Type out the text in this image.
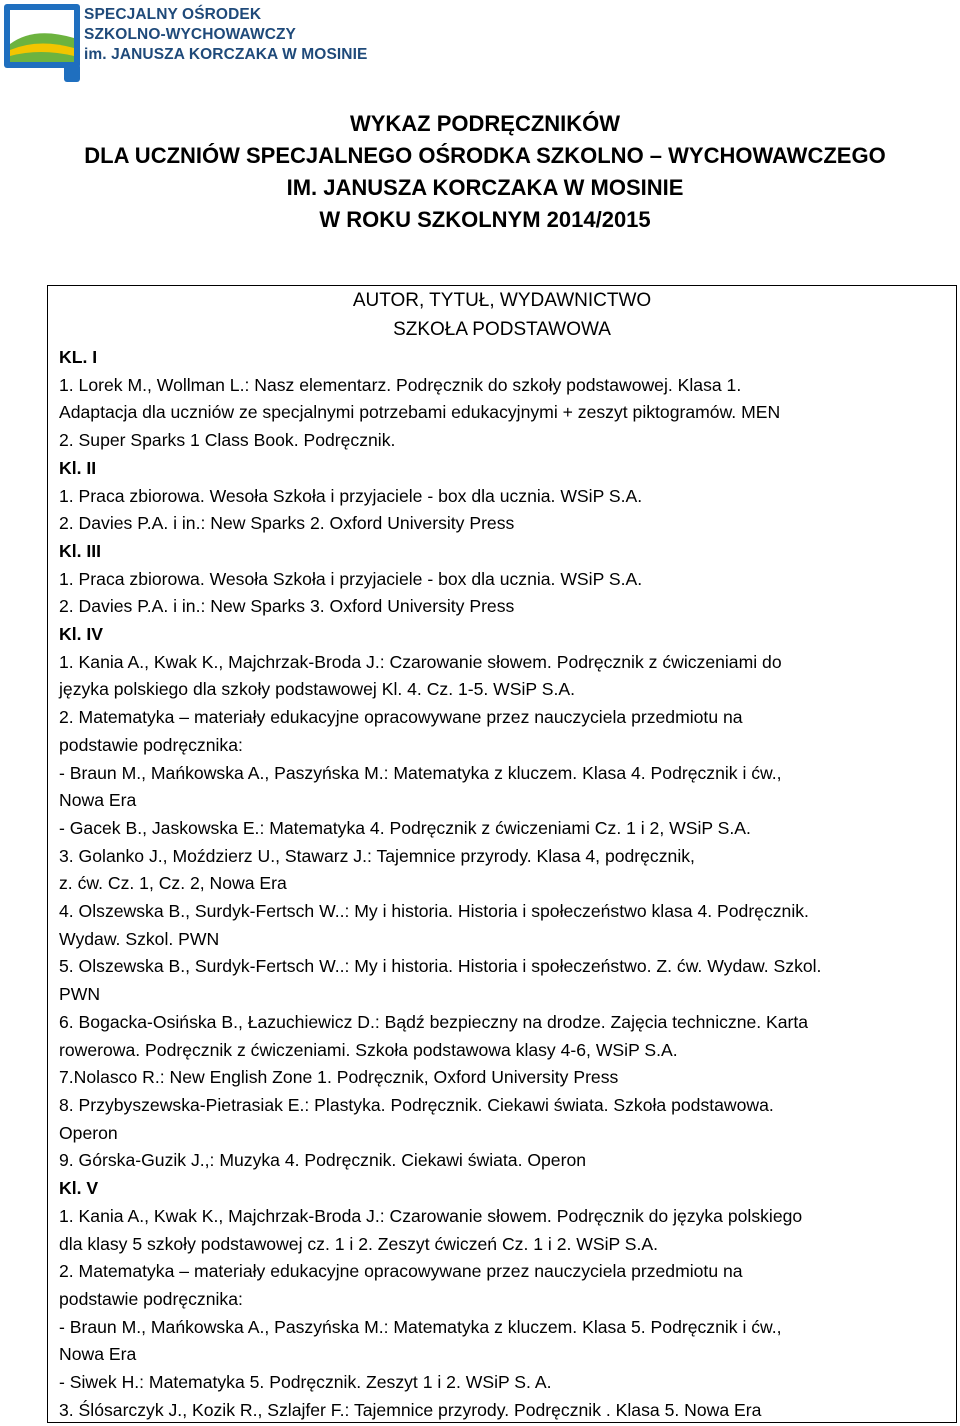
SPECJALNY OŚRODEK
SZKOLNO-WYCHOWAWCZY
im. JANUSZA KORCZAKA W MOSINIE
WYKAZ PODRĘCZNIKÓW
DLA UCZNIÓW SPECJALNEGO OŚRODKA SZKOLNO – WYCHOWAWCZEGO
IM. JANUSZA KORCZAKA W MOSINIE
W ROKU SZKOLNYM 2014/2015
AUTOR, TYTUŁ, WYDAWNICTWO
SZKOŁA PODSTAWOWA
KL. I
1. Lorek M., Wollman L.: Nasz elementarz. Podręcznik do szkoły podstawowej. Klasa 1.
Adaptacja dla uczniów ze specjalnymi potrzebami edukacyjnymi + zeszyt piktogramów. MEN
2. Super Sparks 1 Class Book. Podręcznik.
Kl. II
1. Praca zbiorowa. Wesoła Szkoła i przyjaciele - box dla ucznia. WSiP S.A.
2. Davies P.A. i in.: New Sparks 2. Oxford University Press
Kl. III
1. Praca zbiorowa. Wesoła Szkoła i przyjaciele - box dla ucznia. WSiP S.A.
2. Davies P.A. i in.: New Sparks 3. Oxford University Press
Kl. IV
1. Kania A., Kwak K., Majchrzak-Broda J.: Czarowanie słowem. Podręcznik z ćwiczeniami do
języka polskiego dla szkoły podstawowej Kl. 4. Cz. 1-5. WSiP S.A.
2. Matematyka – materiały edukacyjne opracowywane przez nauczyciela przedmiotu na
podstawie podręcznika:
- Braun M., Mańkowska A., Paszyńska M.: Matematyka z kluczem. Klasa 4. Podręcznik i ćw.,
Nowa Era
- Gacek B., Jaskowska E.: Matematyka 4. Podręcznik z ćwiczeniami Cz. 1 i 2, WSiP S.A.
3. Golanko J., Moździerz U., Stawarz J.: Tajemnice przyrody. Klasa 4, podręcznik,
z. ćw. Cz. 1, Cz. 2, Nowa Era
4. Olszewska B., Surdyk-Fertsch W..: My i historia. Historia i społeczeństwo klasa 4. Podręcznik.
Wydaw. Szkol. PWN
5. Olszewska B., Surdyk-Fertsch W..: My i historia. Historia i społeczeństwo. Z. ćw. Wydaw. Szkol.
PWN
6. Bogacka-Osińska B., Łazuchiewicz D.: Bądź bezpieczny na drodze. Zajęcia techniczne. Karta
rowerowa. Podręcznik z ćwiczeniami. Szkoła podstawowa klasy 4-6, WSiP S.A.
7.Nolasco R.: New English Zone 1. Podręcznik, Oxford University Press
8. Przybyszewska-Pietrasiak E.: Plastyka. Podręcznik. Ciekawi świata. Szkoła podstawowa.
Operon
9. Górska-Guzik J.,: Muzyka 4. Podręcznik. Ciekawi świata. Operon
Kl. V
1. Kania A., Kwak K., Majchrzak-Broda J.: Czarowanie słowem. Podręcznik do języka polskiego
dla klasy 5 szkoły podstawowej cz. 1 i 2. Zeszyt ćwiczeń Cz. 1 i 2. WSiP S.A.
2. Matematyka – materiały edukacyjne opracowywane przez nauczyciela przedmiotu na
podstawie podręcznika:
- Braun M., Mańkowska A., Paszyńska M.: Matematyka z kluczem. Klasa 5. Podręcznik i ćw.,
Nowa Era
- Siwek H.: Matematyka 5. Podręcznik. Zeszyt 1 i 2. WSiP S. A.
3. Ślósarczyk J., Kozik R., Szlajfer F.: Tajemnice przyrody. Podręcznik . Klasa 5. Nowa Era
